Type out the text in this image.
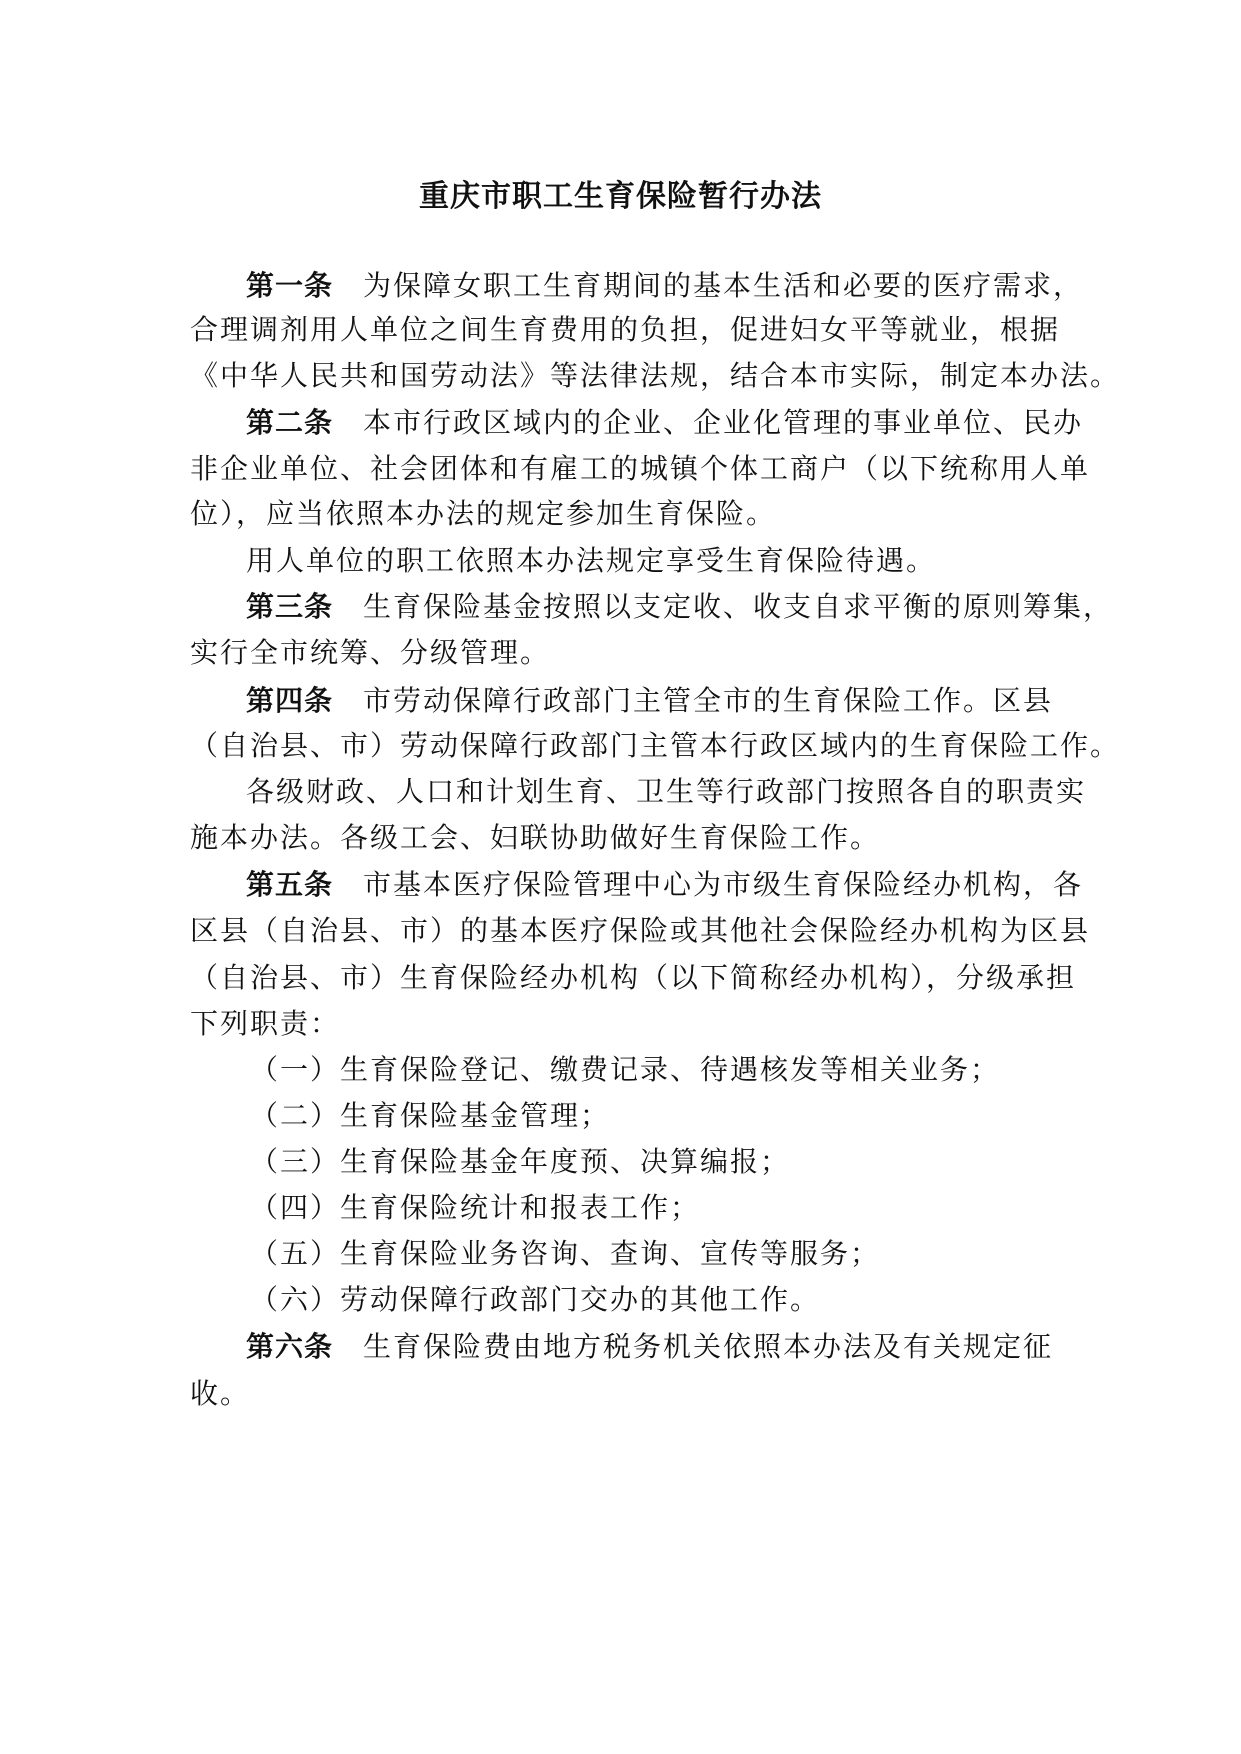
重庆市职工生育保险暂行办法
第一条 为保障女职工生育期间的基本生活和必要的医疗需求，
合理调剂用人单位之间生育费用的负担，促进妇女平等就业，根据
《中华人民共和国劳动法》等法律法规，结合本市实际，制定本办法。
第二条 本市行政区域内的企业、企业化管理的事业单位、民办
非企业单位、社会团体和有雇工的城镇个体工商户（以下统称用人单
位），应当依照本办法的规定参加生育保险。
用人单位的职工依照本办法规定享受生育保险待遇。
第三条 生育保险基金按照以支定收、收支自求平衡的原则筹集，
实行全市统筹、分级管理。
第四条 市劳动保障行政部门主管全市的生育保险工作。区县
（自治县、市）劳动保障行政部门主管本行政区域内的生育保险工作。
各级财政、人口和计划生育、卫生等行政部门按照各自的职责实
施本办法。各级工会、妇联协助做好生育保险工作。
第五条 市基本医疗保险管理中心为市级生育保险经办机构，各
区县（自治县、市）的基本医疗保险或其他社会保险经办机构为区县
（自治县、市）生育保险经办机构（以下简称经办机构），分级承担
下列职责：
（一）生育保险登记、缴费记录、待遇核发等相关业务；
（二）生育保险基金管理；
（三）生育保险基金年度预、决算编报；
（四）生育保险统计和报表工作；
（五）生育保险业务咨询、查询、宣传等服务；
（六）劳动保障行政部门交办的其他工作。
第六条 生育保险费由地方税务机关依照本办法及有关规定征
收。
